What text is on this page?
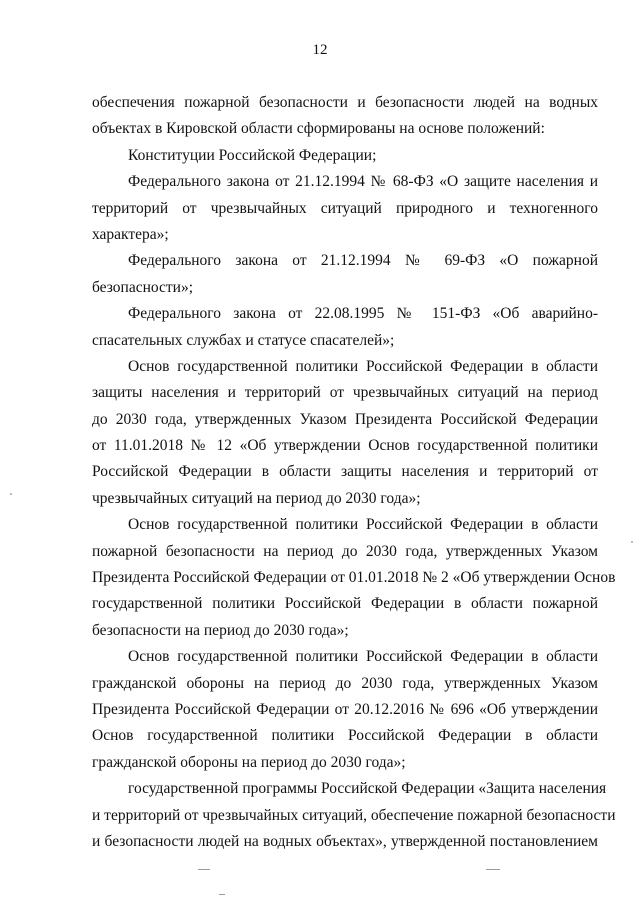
12
обеспечения пожарной безопасности и безопасности людей на водных
объектах в Кировской области сформированы на основе положений:
Конституции Российской Федерации;
Федерального закона от 21.12.1994 № 68-ФЗ «О защите населения и
территорий от чрезвычайных ситуаций природного и техногенного
характера»;
Федерального закона от 21.12.1994 № 69-ФЗ «О пожарной
безопасности»;
Федерального закона от 22.08.1995 № 151-ФЗ «Об аварийно-
спасательных службах и статусе спасателей»;
Основ государственной политики Российской Федерации в области
защиты населения и территорий от чрезвычайных ситуаций на период
до 2030 года, утвержденных Указом Президента Российской Федерации
от 11.01.2018 № 12 «Об утверждении Основ государственной политики
Российской Федерации в области защиты населения и территорий от
чрезвычайных ситуаций на период до 2030 года»;
Основ государственной политики Российской Федерации в области
пожарной безопасности на период до 2030 года, утвержденных Указом
Президента Российской Федерации от 01.01.2018 № 2 «Об утверждении Основ
государственной политики Российской Федерации в области пожарной
безопасности на период до 2030 года»;
Основ государственной политики Российской Федерации в области
гражданской обороны на период до 2030 года, утвержденных Указом
Президента Российской Федерации от 20.12.2016 № 696 «Об утверждении
Основ государственной политики Российской Федерации в области
гражданской обороны на период до 2030 года»;
государственной программы Российской Федерации «Защита населения
и территорий от чрезвычайных ситуаций, обеспечение пожарной безопасности
и безопасности людей на водных объектах», утвержденной постановлением
